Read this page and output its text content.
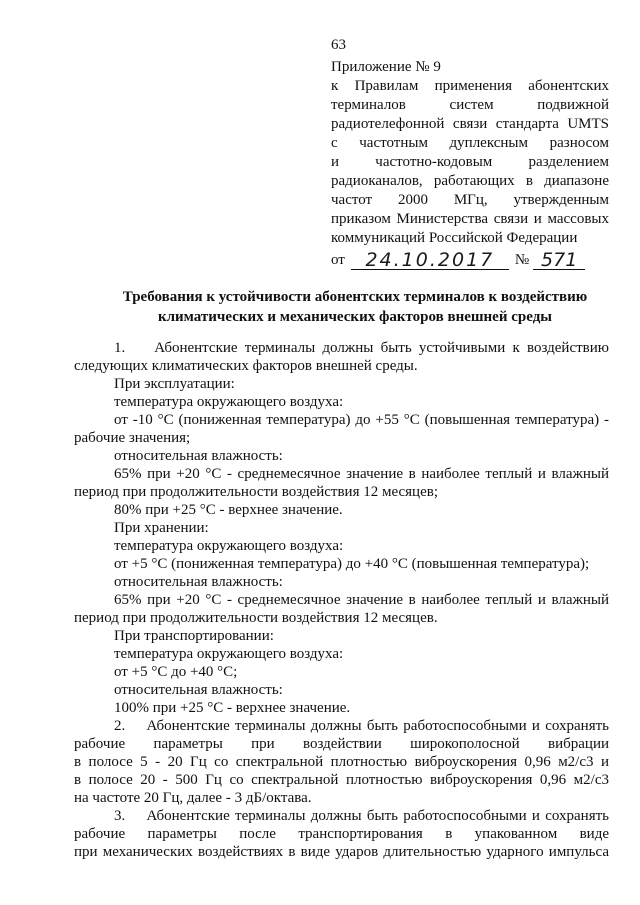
63
Приложение № 9
к Правилам применения абонентских
терминалов	систем	подвижной
радиотелефонной связи стандарта UMTS
с частотным дуплексным разносом
и частотно-кодовым разделением
радиоканалов, работающих в диапазоне
частот 2000 МГц, утвержденным
приказом Министерства связи и массовых
коммуникаций Российской Федерации
от	24.10.2017	№ 571
Требования к устойчивости абонентских терминалов к воздействию
климатических и механических факторов внешней среды
1.    Абонентские терминалы должны быть устойчивыми к воздействию
следующих климатических факторов внешней среды.
При эксплуатации:
температура окружающего воздуха:
от -10 °С (пониженная температура) до +55 °С (повышенная температура) -
рабочие значения;
относительная влажность:
65% при +20 °С - среднемесячное значение в наиболее теплый и влажный
период при продолжительности воздействия 12 месяцев;
80% при +25 °С - верхнее значение.
При хранении:
температура окружающего воздуха:
от +5 °С (пониженная температура) до +40 °С (повышенная температура);
относительная влажность:
65% при +20 °С - среднемесячное значение в наиболее теплый и влажный
период при продолжительности воздействия 12 месяцев.
При транспортировании:
температура окружающего воздуха:
от +5 °С до +40 °С;
относительная влажность:
100% при +25 °С - верхнее значение.
2.    Абонентские терминалы должны быть работоспособными и сохранять
рабочие параметры при воздействии широкополосной вибрации
в полосе 5 - 20 Гц со спектральной плотностью виброускорения 0,96 м2/с3 и
в полосе 20 - 500 Гц со спектральной плотностью виброускорения 0,96 м2/с3
на частоте 20 Гц, далее - 3 дБ/октава.
3.    Абонентские терминалы должны быть работоспособными и сохранять
рабочие параметры после транспортирования в упакованном виде
при механических воздействиях в виде ударов длительностью ударного импульса
